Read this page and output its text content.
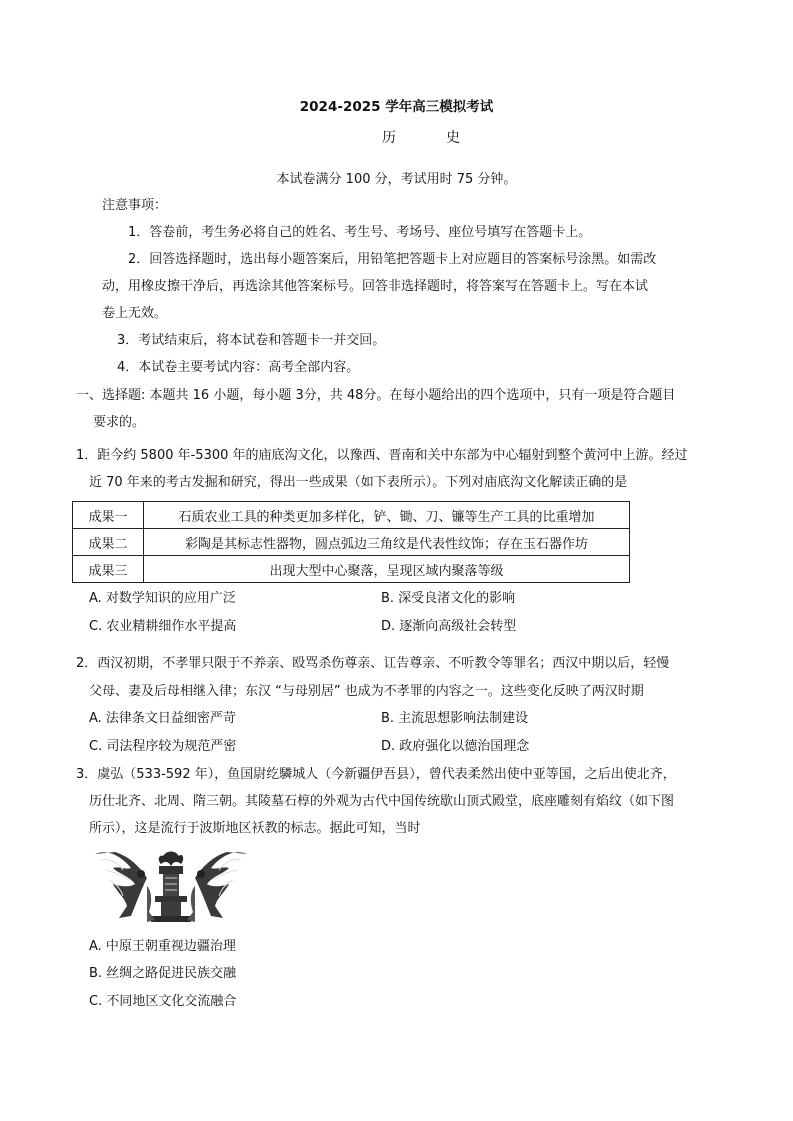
2024-2025 学年高三模拟考试
历	史
本试卷满分 100 分，考试用时 75 分钟。
注意事项：
1．答卷前，考生务必将自己的姓名、考生号、考场号、座位号填写在答题卡上。
2．回答选择题时，选出每小题答案后，用铅笔把答题卡上对应题目的答案标号涂黑。如需改
动，用橡皮擦干净后，再选涂其他答案标号。回答非选择题时，将答案写在答题卡上。写在本试
卷上无效。
3．考试结束后，将本试卷和答题卡一并交回。
4．本试卷主要考试内容：高考全部内容。
一、选择题: 本题共 16 小题，每小题 3分，共 48分。在每小题给出的四个选项中，只有一项是符合题目
要求的。
1．距今约 5800 年-5300 年的庙底沟文化，以豫西、晋南和关中东部为中心辐射到整个黄河中上游。经过
近 70 年来的考古发掘和研究，得出一些成果（如下表所示）。下列对庙底沟文化解读正确的是
成果一	石质农业工具的种类更加多样化，铲、锄、刀、镰等生产工具的比重增加
成果二	彩陶是其标志性器物，圆点弧边三角纹是代表性纹饰；存在玉石器作坊
成果三	出现大型中心聚落，呈现区域内聚落等级
A. 对数学知识的应用广泛	B. 深受良渚文化的影响
C. 农业精耕细作水平提高	D. 逐渐向高级社会转型
2．西汉初期，不孝罪只限于不养亲、殴骂杀伤尊亲、讧告尊亲、不听教令等罪名；西汉中期以后，轻慢
父母、妻及后母相继入律；东汉 “与母别居” 也成为不孝罪的内容之一。这些变化反映了两汉时期
A. 法律条文日益细密严苛	B. 主流思想影响法制建设
C. 司法程序较为规范严密	D. 政府强化以德治国理念
3．虞弘（533-592 年），鱼国尉纥驎城人（今新疆伊吾县），曾代表柔然出使中亚等国，之后出使北齐，
历仕北齐、北周、隋三朝。其陵墓石椁的外观为古代中国传统歇山顶式殿堂，底座雕刻有焰纹（如下图
所示），这是流行于波斯地区袄教的标志。据此可知，当时
A. 中原王朝重视边疆治理
B. 丝绸之路促进民族交融
C. 不同地区文化交流融合
